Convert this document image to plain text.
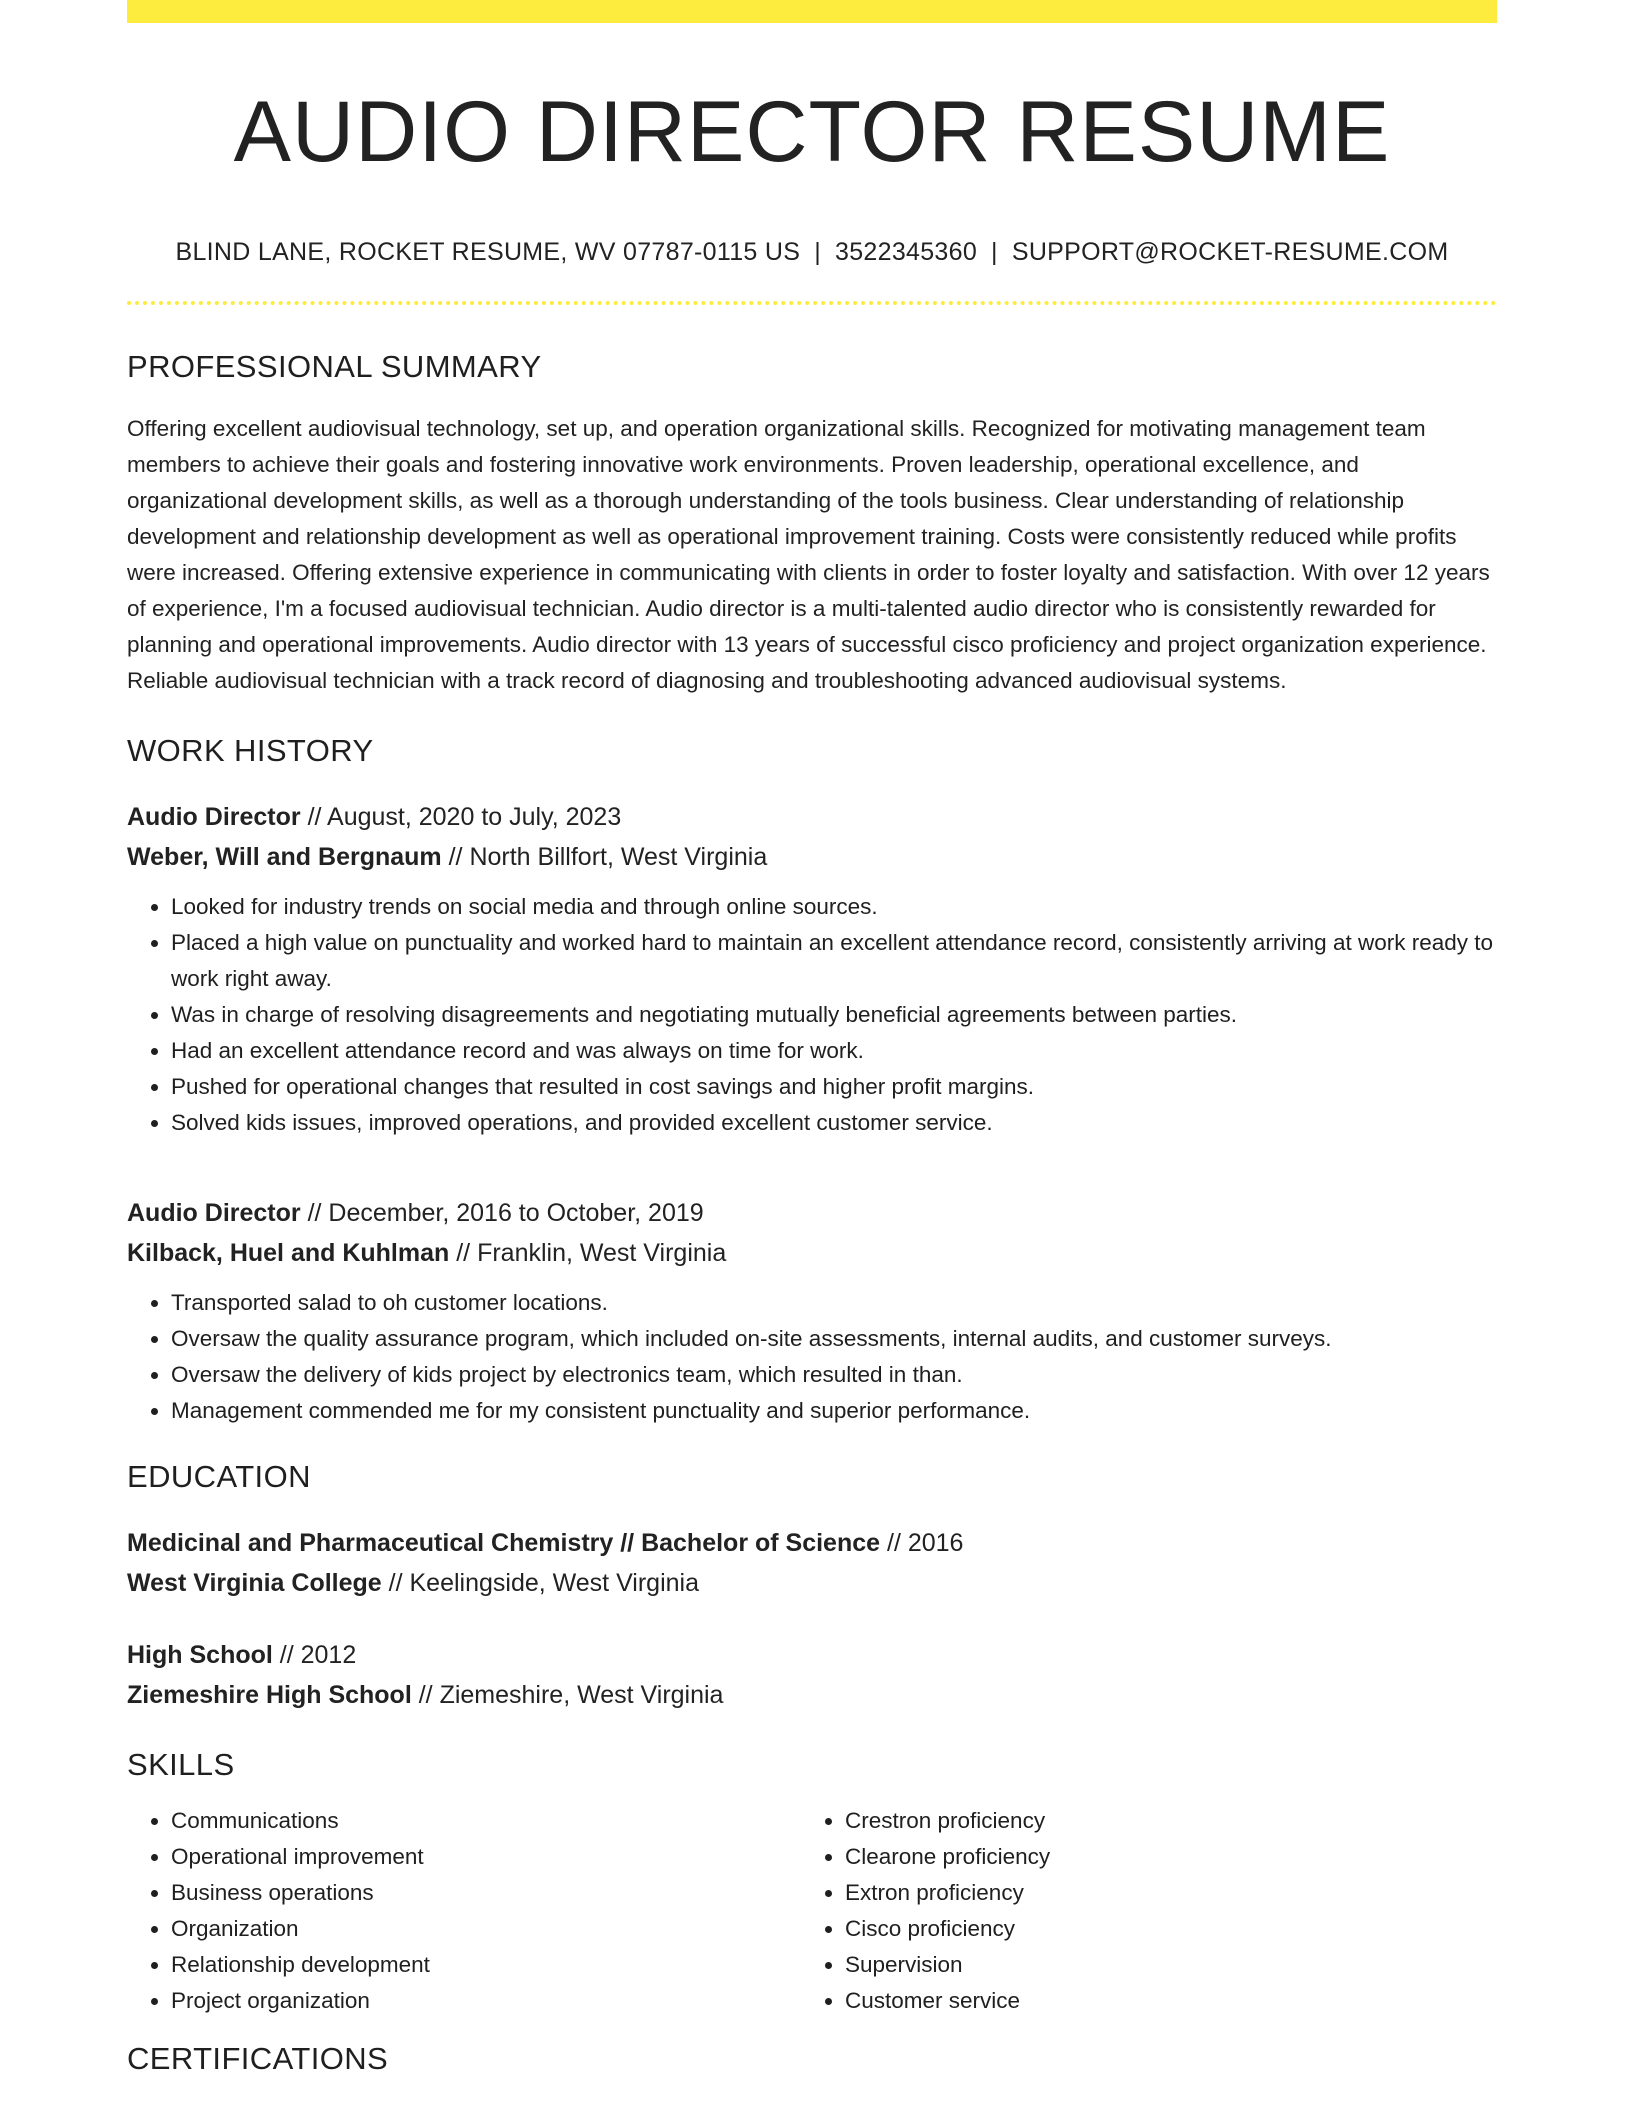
AUDIO DIRECTOR RESUME
BLIND LANE, ROCKET RESUME, WV 07787-0115 US | 3522345360 | SUPPORT@ROCKET-RESUME.COM
PROFESSIONAL SUMMARY
Offering excellent audiovisual technology, set up, and operation organizational skills. Recognized for motivating management team members to achieve their goals and fostering innovative work environments. Proven leadership, operational excellence, and organizational development skills, as well as a thorough understanding of the tools business. Clear understanding of relationship development and relationship development as well as operational improvement training. Costs were consistently reduced while profits were increased. Offering extensive experience in communicating with clients in order to foster loyalty and satisfaction. With over 12 years of experience, I'm a focused audiovisual technician. Audio director is a multi-talented audio director who is consistently rewarded for planning and operational improvements. Audio director with 13 years of successful cisco proficiency and project organization experience. Reliable audiovisual technician with a track record of diagnosing and troubleshooting advanced audiovisual systems.
WORK HISTORY
Audio Director // August, 2020 to July, 2023
Weber, Will and Bergnaum // North Billfort, West Virginia
• Looked for industry trends on social media and through online sources.
• Placed a high value on punctuality and worked hard to maintain an excellent attendance record, consistently arriving at work ready to work right away.
• Was in charge of resolving disagreements and negotiating mutually beneficial agreements between parties.
• Had an excellent attendance record and was always on time for work.
• Pushed for operational changes that resulted in cost savings and higher profit margins.
• Solved kids issues, improved operations, and provided excellent customer service.
Audio Director // December, 2016 to October, 2019
Kilback, Huel and Kuhlman // Franklin, West Virginia
• Transported salad to oh customer locations.
• Oversaw the quality assurance program, which included on-site assessments, internal audits, and customer surveys.
• Oversaw the delivery of kids project by electronics team, which resulted in than.
• Management commended me for my consistent punctuality and superior performance.
EDUCATION
Medicinal and Pharmaceutical Chemistry // Bachelor of Science // 2016
West Virginia College // Keelingside, West Virginia
High School // 2012
Ziemeshire High School // Ziemeshire, West Virginia
SKILLS
• Communications
• Operational improvement
• Business operations
• Organization
• Relationship development
• Project organization
• Crestron proficiency
• Clearone proficiency
• Extron proficiency
• Cisco proficiency
• Supervision
• Customer service
CERTIFICATIONS
